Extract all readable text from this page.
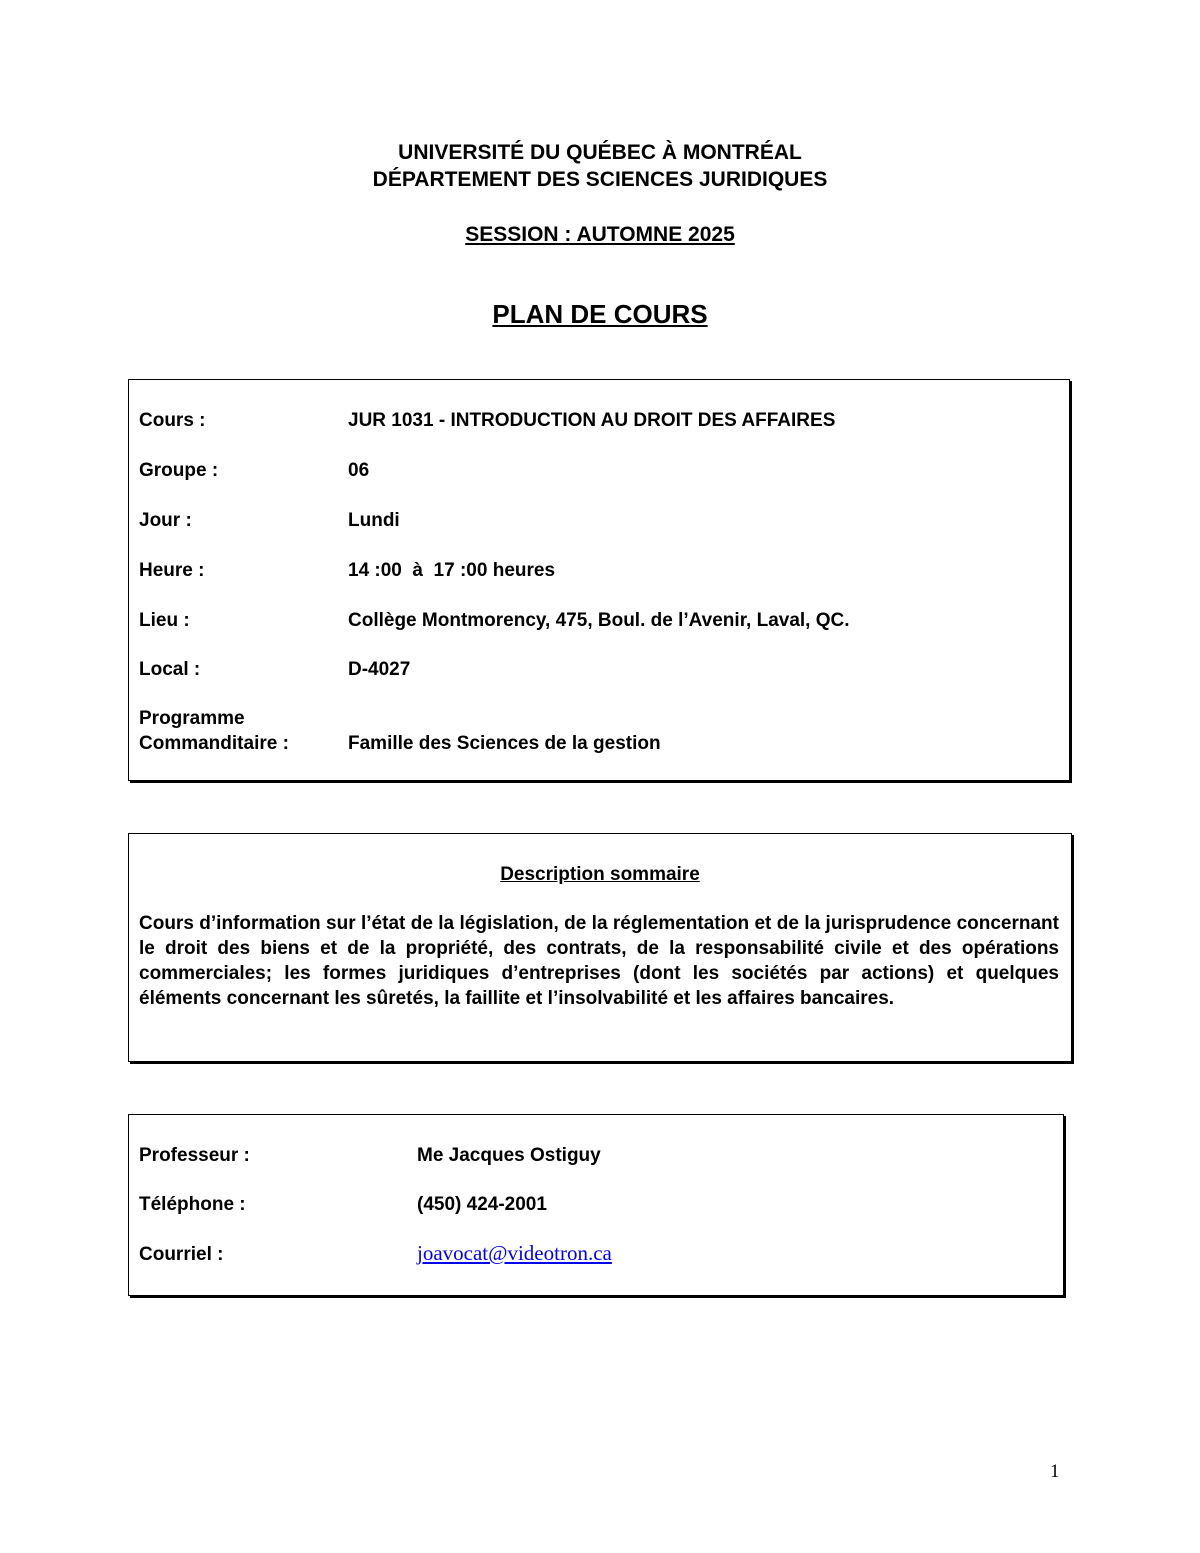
UNIVERSITÉ DU QUÉBEC À MONTRÉAL
DÉPARTEMENT DES SCIENCES JURIDIQUES
SESSION : AUTOMNE 2025
PLAN DE COURS
Cours :	JUR 1031 - INTRODUCTION AU DROIT DES AFFAIRES
Groupe :	06
Jour :	Lundi
Heure :	14 :00  à  17 :00 heures
Lieu :	Collège Montmorency, 475, Boul. de l’Avenir, Laval, QC.
Local :	D-4027
Programme
Commanditaire :	Famille des Sciences de la gestion
Description sommaire
Cours d’information sur l’état de la législation, de la réglementation et de la jurisprudence concernant le droit des biens et de la propriété, des contrats, de la responsabilité civile et des opérations commerciales; les formes juridiques d’entreprises (dont les sociétés par actions) et quelques éléments concernant les sûretés, la faillite et l’insolvabilité et les affaires bancaires.
Professeur :	Me Jacques Ostiguy
Téléphone :	(450) 424-2001
Courriel :	joavocat@videotron.ca
1
